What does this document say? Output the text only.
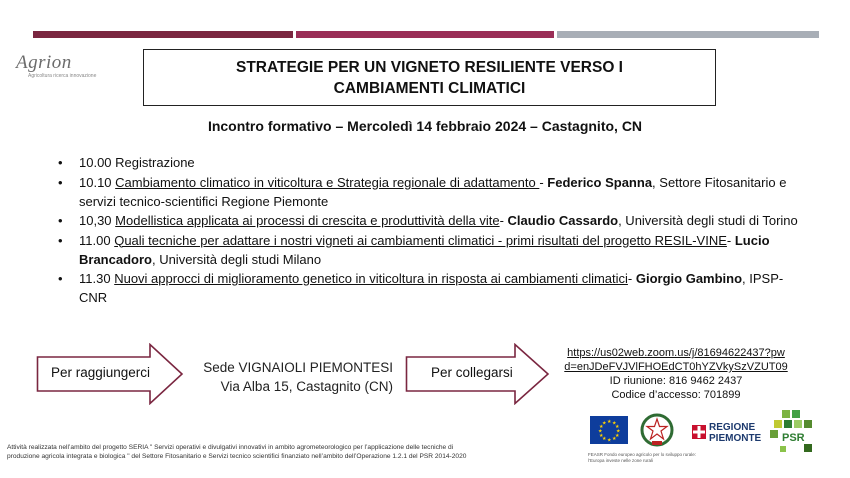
Agrion
Agricoltura ricerca innovazione
STRATEGIE PER UN VIGNETO RESILIENTE VERSO I
CAMBIAMENTI CLIMATICI
Incontro formativo – Mercoledì 14 febbraio 2024 – Castagnito, CN
• 10.00 Registrazione
• 10.10 Cambiamento climatico in viticoltura e Strategia regionale di adattamento - Federico Spanna, Settore Fitosanitario e servizi tecnico-scientifici Regione Piemonte
• 10,30 Modellistica applicata ai processi di crescita e produttività della vite- Claudio Cassardo, Università degli studi di Torino
• 11.00 Quali tecniche per adattare i nostri vigneti ai cambiamenti climatici - primi risultati del progetto RESIL-VINE- Lucio Brancadoro, Università degli studi Milano
• 11.30 Nuovi approcci di miglioramento genetico in viticoltura in risposta ai cambiamenti climatici- Giorgio Gambino, IPSP-CNR
Per raggiungerci	Sede VIGNAIOLI PIEMONTESI
Via Alba 15, Castagnito (CN)
Per collegarsi
https://us02web.zoom.us/j/81694622437?pw
d=enJDeFVJVlFHOEdCT0hYZVkySzVZUT09
ID riunione: 816 9462 2437
Codice d’accesso: 701899
Attività realizzata nell’ambito del progetto SERIA " Servizi operativi e divulgativi innovativi in ambito agrometeorologico per l’applicazione delle tecniche di
produzione agricola integrata e biologica " del Settore Fitosanitario e Servizi tecnico scientifici finanziato nell’ambito dell’Operazione 1.2.1 del PSR 2014-2020
★ ★
★
★
★
★
★
★
★
★
★
★	REGIONE
PIEMONTE PSR
FEASR Fondo europeo agricolo per lo sviluppo rurale:
l’Europa investe nelle zone rurali
